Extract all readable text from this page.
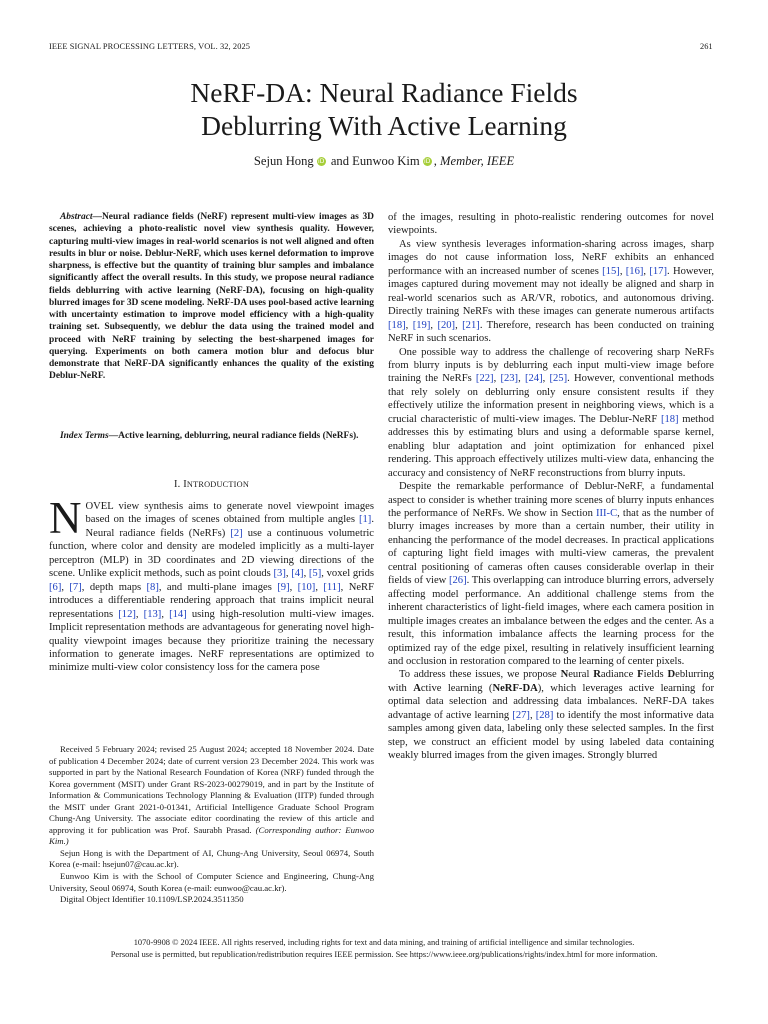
IEEE SIGNAL PROCESSING LETTERS, VOL. 32, 2025	261
NeRF-DA: Neural Radiance Fields
Deblurring With Active Learning
Sejun Hong iD and Eunwoo Kim iD , Member, IEEE
Abstract—Neural radiance fields (NeRF) represent multi-view images as 3D scenes, achieving a photo-realistic novel view synthesis quality. However, capturing multi-view images in real-world scenarios is not well aligned and often results in blur or noise. Deblur-NeRF, which uses kernel deformation to improve sharpness, is effective but the quantity of training blur samples and imbalance significantly affect the overall results. In this study, we propose neural radiance fields deblurring with active learning (NeRF-DA), focusing on high-quality blurred images for 3D scene modeling. NeRF-DA uses pool-based active learning with uncertainty estimation to improve model efficiency with a high-quality training set. Subsequently, we deblur the data using the trained model and proceed with NeRF training by selecting the best-sharpened images for querying. Experiments on both camera motion blur and defocus blur demonstrate that NeRF-DA significantly enhances the quality of the existing Deblur-NeRF.
Index Terms—Active learning, deblurring, neural radiance fields (NeRFs).
I. INTRODUCTION
NOVEL view synthesis aims to generate novel viewpoint images based on the images of scenes obtained from multiple angles [1]. Neural radiance fields (NeRFs) [2] use a continuous volumetric function, where color and density are modeled implicitly as a multi-layer perceptron (MLP) in 3D coordinates and 2D viewing directions of the scene. Unlike explicit methods, such as point clouds [3], [4], [5], voxel grids [6], [7], depth maps [8], and multi-plane images [9], [10], [11], NeRF introduces a differentiable rendering approach that trains implicit neural representations [12], [13], [14] using high-resolution multi-view images. Implicit representation methods are advantageous for generating novel high-quality viewpoint images because they prioritize training the necessary information to generate images. NeRF representations are optimized to minimize multi-view color consistency loss for the camera pose

Received 5 February 2024; revised 25 August 2024; accepted 18 November 2024. Date of publication 4 December 2024; date of current version 23 December 2024. This work was supported in part by the National Research Foundation of Korea (NRF) funded through the Korea government (MSIT) under Grant RS-2023-00279019, and in part by the Institute of Information & Communications Technology Planning & Evaluation (IITP) funded through the MSIT under Grant 2021-0-01341, Artificial Intelligence Graduate School Program Chung-Ang University. The associate editor coordinating the review of this article and approving it for publication was Prof. Saurabh Prasad. (Corresponding author: Eunwoo Kim.)

Sejun Hong is with the Department of AI, Chung-Ang University, Seoul 06974, South Korea (e-mail: hsejun07@cau.ac.kr).

Eunwoo Kim is with the School of Computer Science and Engineering, Chung-Ang University, Seoul 06974, South Korea (e-mail: eunwoo@cau.ac.kr).

Digital Object Identifier 10.1109/LSP.2024.3511350

of the images, resulting in photo-realistic rendering outcomes for novel viewpoints.

As view synthesis leverages information-sharing across images, sharp images do not cause information loss, NeRF exhibits an enhanced performance with an increased number of scenes [15], [16], [17]. However, images captured during movement may not ideally be aligned and sharp in real-world scenarios such as AR/VR, robotics, and autonomous driving. Directly training NeRFs with these images can generate numerous artifacts [18], [19], [20], [21]. Therefore, research has been conducted on training NeRF in such scenarios.

One possible way to address the challenge of recovering sharp NeRFs from blurry inputs is by deblurring each input multi-view image before training the NeRFs [22], [23], [24], [25]. However, conventional methods that rely solely on deblurring only ensure consistent results if they effectively utilize the information present in neighboring views, which is a crucial characteristic of multi-view images. The Deblur-NeRF [18] method addresses this by estimating blurs and using a deformable sparse kernel, enabling blur adaptation and joint optimization for enhanced pixel rendering. This approach effectively utilizes multi-view data, enhancing the accuracy and consistency of NeRF reconstructions from blurry inputs.

Despite the remarkable performance of Deblur-NeRF, a fundamental aspect to consider is whether training more scenes of blurry inputs enhances the performance of NeRFs. We show in Section III-C, that as the number of blurry images increases by more than a certain number, their utility in enhancing the performance of the model decreases. In practical applications of capturing light field images with multi-view cameras, the prevalent central positioning of cameras often causes considerable overlap in their fields of view [26]. This overlapping can introduce blurring errors, adversely affecting model performance. An additional challenge stems from the inherent characteristics of light-field images, where each camera position in multiple images creates an imbalance between the edges and the center. As a result, this information imbalance affects the learning process for the optimized ray of the edge pixel, resulting in relatively insufficient learning and occlusion in restoration compared to the learning of center pixels.

To address these issues, we propose Neural Radiance Fields Deblurring with Active learning (NeRF-DA), which leverages active learning for optimal data selection and addressing data imbalances. NeRF-DA takes advantage of active learning [27], [28] to identify the most informative data samples among given data, labeling only these selected samples. In the first step, we construct an efficient model by using labeled data containing weakly blurred images from the given images. Strongly blurred

1070-9908 © 2024 IEEE. All rights reserved, including rights for text and data mining, and training of artificial intelligence and similar technologies.
Personal use is permitted, but republication/redistribution requires IEEE permission. See https://www.ieee.org/publications/rights/index.html for more information.
